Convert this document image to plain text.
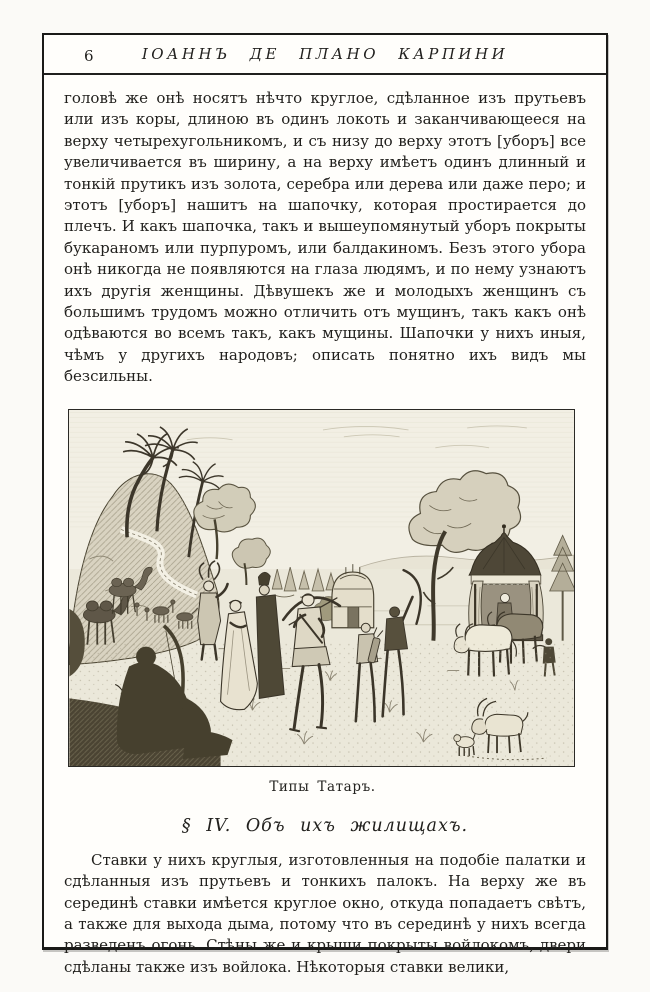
6	ІОАННЪ ДЕ ПЛАНО КАРПИНИ

головѣ же онѣ носятъ нѣчто круглое, сдѣланное изъ прутьевъ или изъ коры, длиною въ одинъ локоть и заканчивающееся на верху четырехугольникомъ, и съ низу до верху этотъ [уборъ] все увеличивается въ ширину, а на верху имѣетъ одинъ длинный и тонкій прутикъ изъ золота, серебра или дерева или даже перо; и этотъ [уборъ] нашитъ на шапочку, которая простирается до плечъ. И какъ шапочка, такъ и вышеупомянутый уборъ покрыты букараномъ или пурпуромъ, или балдакиномъ. Безъ этого убора онѣ никогда не появляются на глаза людямъ, и по нему узнаютъ ихъ другія женщины. Дѣвушекъ же и молодыхъ женщинъ съ большимъ трудомъ можно отличить отъ мущинъ, такъ какъ онѣ одѣваются во всемъ такъ, какъ мущины. Шапочки у нихъ иныя, чѣмъ у другихъ народовъ; описать понятно ихъ видъ мы безсильны.

Типы Татаръ.
§ IV. Объ ихъ жилищахъ.

Ставки у нихъ круглыя, изготовленныя на подобіе палатки и сдѣланныя изъ прутьевъ и тонкихъ палокъ. На верху же въ серединѣ ставки имѣется круглое окно, откуда попадаетъ свѣтъ, а также для выхода дыма, потому что въ серединѣ у нихъ всегда разведенъ огонь. Стѣны же и крыши покрыты войлокомъ, двери сдѣланы также изъ войлока. Нѣкоторыя ставки велики,
